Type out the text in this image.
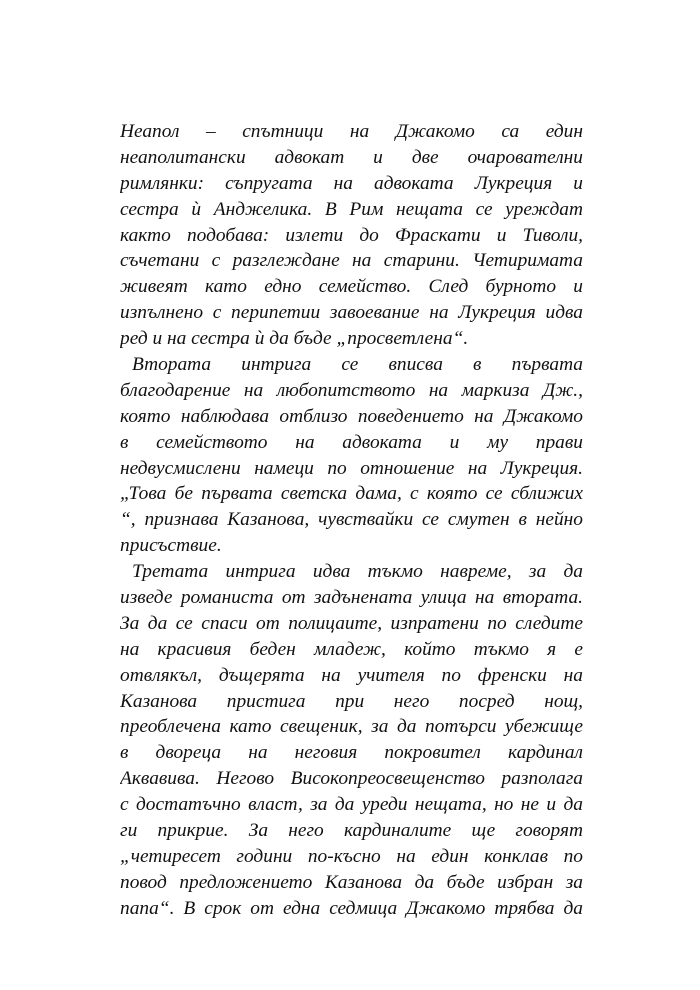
Неапол – спътници на Джакомо са един
неаполитански адвокат и две очарователни
римлянки: съпругата на адвоката Лукреция и
сестра ѝ Анджелика. В Рим нещата се уреждат
както подобава: излети до Фраскати и Тиволи,
съчетани с разглеждане на старини. Четиримата
живеят като едно семейство. След бурното и
изпълнено с перипетии завоевание на Лукреция идва
ред и на сестра ѝ да бъде „просветлена“.
Втората интрига се вписва в първата
благодарение на любопитството на маркиза Дж.,
която наблюдава отблизо поведението на Джакомо
в семейството на адвоката и му прави
недвусмислени намеци по отношение на Лукреция.
„Това бе първата светска дама, с която се сближих
“, признава Казанова, чувствайки се смутен в нейно
присъствие.
Третата интрига идва тъкмо навреме, за да
изведе романиста от задънената улица на втората.
За да се спаси от полицаите, изпратени по следите
на красивия беден младеж, който тъкмо я е
отвлякъл, дъщерята на учителя по френски на
Казанова пристига при него посред нощ,
преоблечена като свещеник, за да потърси убежище
в двореца на неговия покровител кардинал
Аквавива. Негово Високопреосвещенство разполага
с достатъчно власт, за да уреди нещата, но не и да
ги прикрие. За него кардиналите ще говорят
„четиресет години по-късно на един конклав по
повод предложението Казанова да бъде избран за
папа“. В срок от една седмица Джакомо трябва да
